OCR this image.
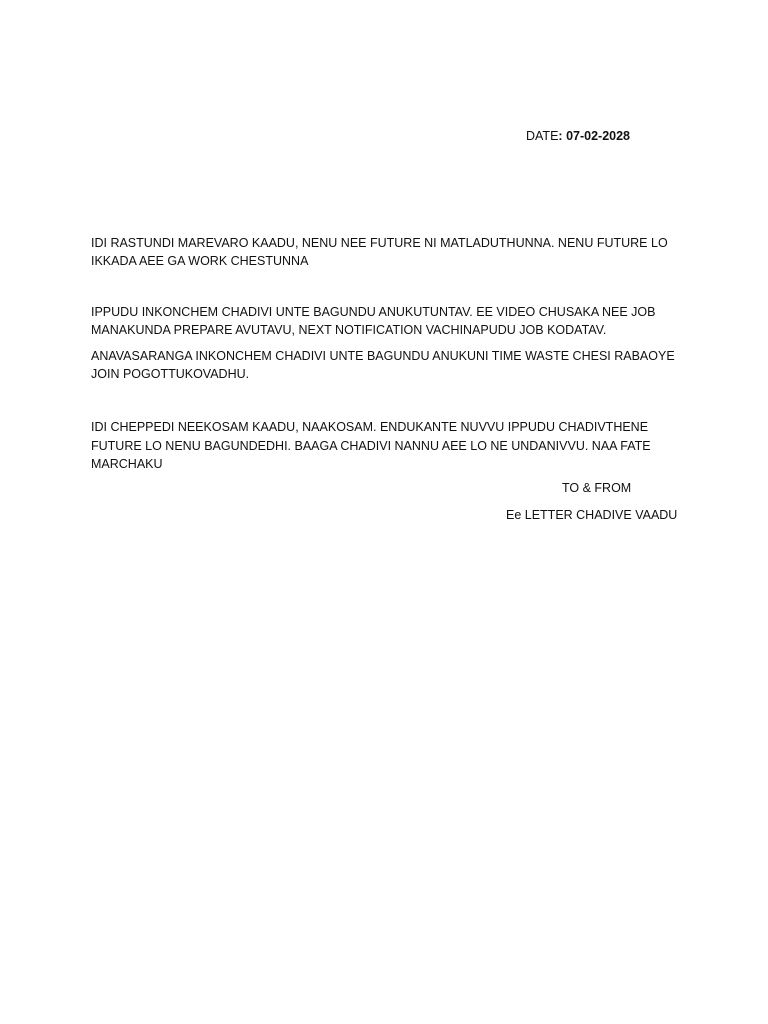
DATE: 07-02-2028

IDI RASTUNDI MAREVARO KAADU, NENU NEE FUTURE NI MATLADUTHUNNA. NENU FUTURE LO IKKADA AEE GA WORK CHESTUNNA

IPPUDU INKONCHEM CHADIVI UNTE BAGUNDU ANUKUTUNTAV. EE VIDEO CHUSAKA NEE JOB MANAKUNDA PREPARE AVUTAVU, NEXT NOTIFICATION VACHINAPUDU JOB KODATAV.

ANAVASARANGA INKONCHEM CHADIVI UNTE BAGUNDU ANUKUNI TIME WASTE CHESI RABAOYE JOIN POGOTTUKOVADHU.

IDI CHEPPEDI NEEKOSAM KAADU, NAAKOSAM. ENDUKANTE NUVVU IPPUDU CHADIVTHENE FUTURE LO NENU BAGUNDEDHI. BAAGA CHADIVI NANNU AEE LO NE UNDANIVVU. NAA FATE MARCHAKU

TO & FROM
Ee LETTER CHADIVE VAADU
